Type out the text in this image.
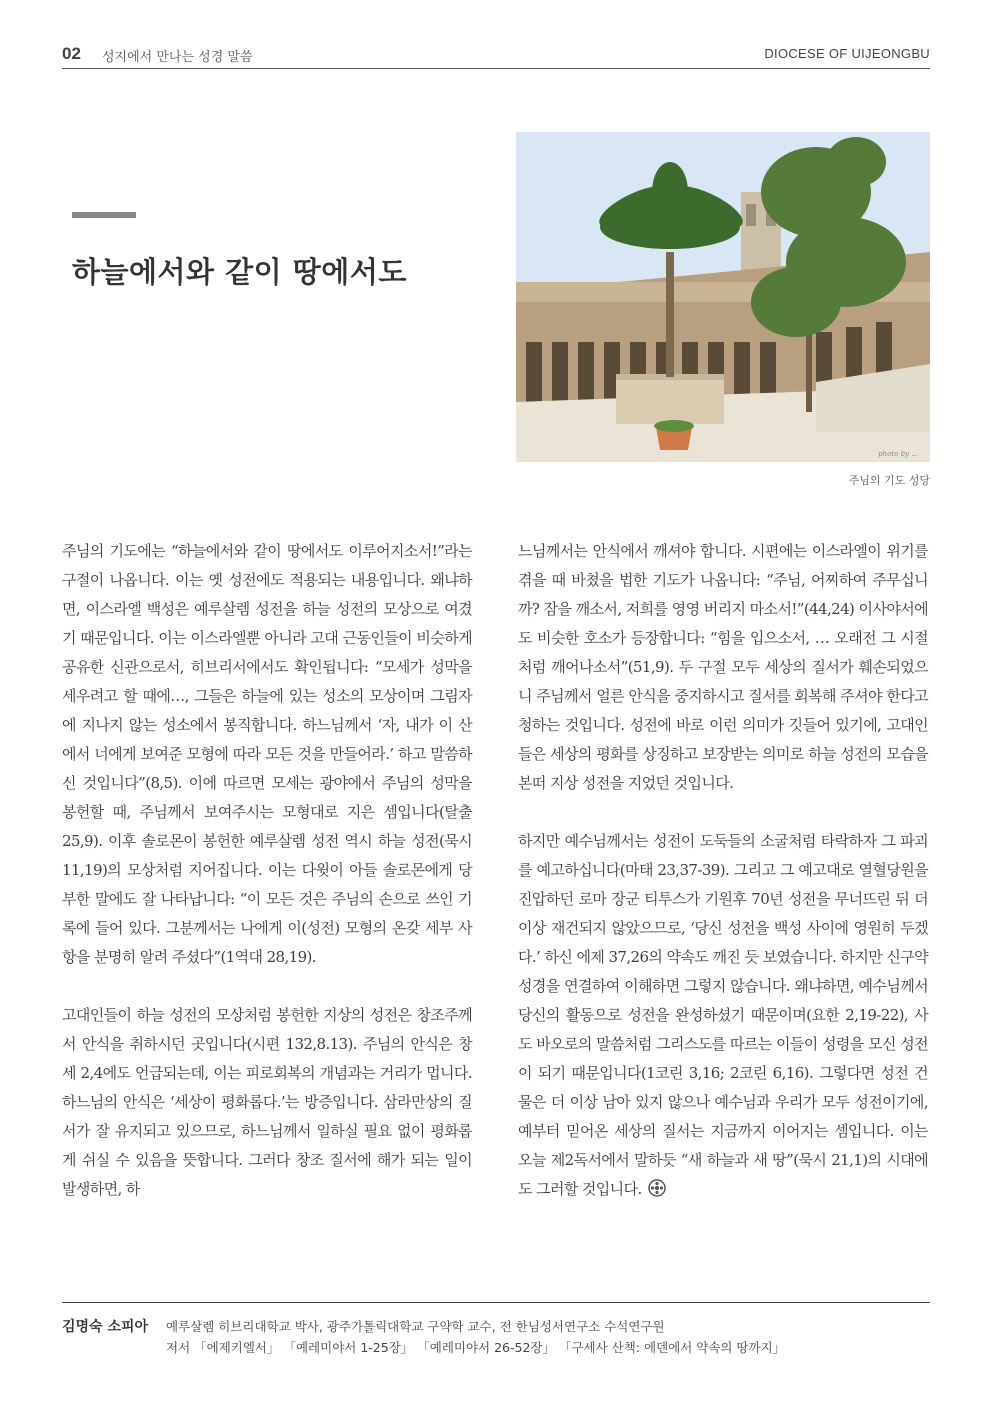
02 성지에서 만나는 성경 말씀	DIOCESE OF UIJEONGBU
하늘에서와 같이 땅에서도
photo by ...
주님의 기도 성당

주님의 기도에는 “하늘에서와 같이 땅에서도 이루어지소서!”라는 구절이 나옵니다. 이는 옛 성전에도 적용되는 내용입니다. 왜냐하면, 이스라엘 백성은 예루살렘 성전을 하늘 성전의 모상으로 여겼기 때문입니다. 이는 이스라엘뿐 아니라 고대 근동인들이 비슷하게 공유한 신관으로서, 히브리서에서도 확인됩니다: “모세가 성막을 세우려고 할 때에…, 그들은 하늘에 있는 성소의 모상이며 그림자에 지나지 않는 성소에서 봉직합니다. 하느님께서 ‘자, 내가 이 산에서 너에게 보여준 모형에 따라 모든 것을 만들어라.’ 하고 말씀하신 것입니다”(8,5). 이에 따르면 모세는 광야에서 주님의 성막을 봉헌할 때, 주님께서 보여주시는 모형대로 지은 셈입니다(탈출 25,9). 이후 솔로몬이 봉헌한 예루살렘 성전 역시 하늘 성전(묵시 11,19)의 모상처럼 지어집니다. 이는 다윗이 아들 솔로몬에게 당부한 말에도 잘 나타납니다: “이 모든 것은 주님의 손으로 쓰인 기록에 들어 있다. 그분께서는 나에게 이(성전) 모형의 온갖 세부 사항을 분명히 알려 주셨다”(1역대 28,19).

고대인들이 하늘 성전의 모상처럼 봉헌한 지상의 성전은 창조주께서 안식을 취하시던 곳입니다(시편 132,8.13). 주님의 안식은 창세 2,4에도 언급되는데, 이는 피로회복의 개념과는 거리가 멉니다. 하느님의 안식은 ‘세상이 평화롭다.’는 방증입니다. 삼라만상의 질서가 잘 유지되고 있으므로, 하느님께서 일하실 필요 없이 평화롭게 쉬실 수 있음을 뜻합니다. 그러다 창조 질서에 해가 되는 일이 발생하면, 하

느님께서는 안식에서 깨셔야 합니다. 시편에는 이스라엘이 위기를 겪을 때 바쳤을 법한 기도가 나옵니다: “주님, 어찌하여 주무십니까? 잠을 깨소서, 저희를 영영 버리지 마소서!”(44,24) 이사야서에도 비슷한 호소가 등장합니다: “힘을 입으소서, … 오래전 그 시절처럼 깨어나소서”(51,9). 두 구절 모두 세상의 질서가 훼손되었으니 주님께서 얼른 안식을 중지하시고 질서를 회복해 주셔야 한다고 청하는 것입니다. 성전에 바로 이런 의미가 깃들어 있기에, 고대인들은 세상의 평화를 상징하고 보장받는 의미로 하늘 성전의 모습을 본떠 지상 성전을 지었던 것입니다.

하지만 예수님께서는 성전이 도둑들의 소굴처럼 타락하자 그 파괴를 예고하십니다(마태 23,37-39). 그리고 그 예고대로 열혈당원을 진압하던 로마 장군 티투스가 기원후 70년 성전을 무너뜨린 뒤 더 이상 재건되지 않았으므로, ‘당신 성전을 백성 사이에 영원히 두겠다.’ 하신 에제 37,26의 약속도 깨진 듯 보였습니다. 하지만 신구약성경을 연결하여 이해하면 그렇지 않습니다. 왜냐하면, 예수님께서 당신의 활동으로 성전을 완성하셨기 때문이며(요한 2,19-22), 사도 바오로의 말씀처럼 그리스도를 따르는 이들이 성령을 모신 성전이 되기 때문입니다(1코린 3,16; 2코린 6,16). 그렇다면 성전 건물은 더 이상 남아 있지 않으나 예수님과 우리가 모두 성전이기에, 예부터 믿어온 세상의 질서는 지금까지 이어지는 셈입니다. 이는 오늘 제2독서에서 말하듯 “새 하늘과 새 땅”(묵시 21,1)의 시대에도 그러할 것입니다.

김명숙 소피아 예루살렘 히브리대학교 박사, 광주가톨릭대학교 구약학 교수, 전 한님성서연구소 수석연구원
저서 「에제키엘서」 「예레미야서 1-25장」 「예레미야서 26-52장」 「구세사 산책: 에덴에서 약속의 땅까지」
